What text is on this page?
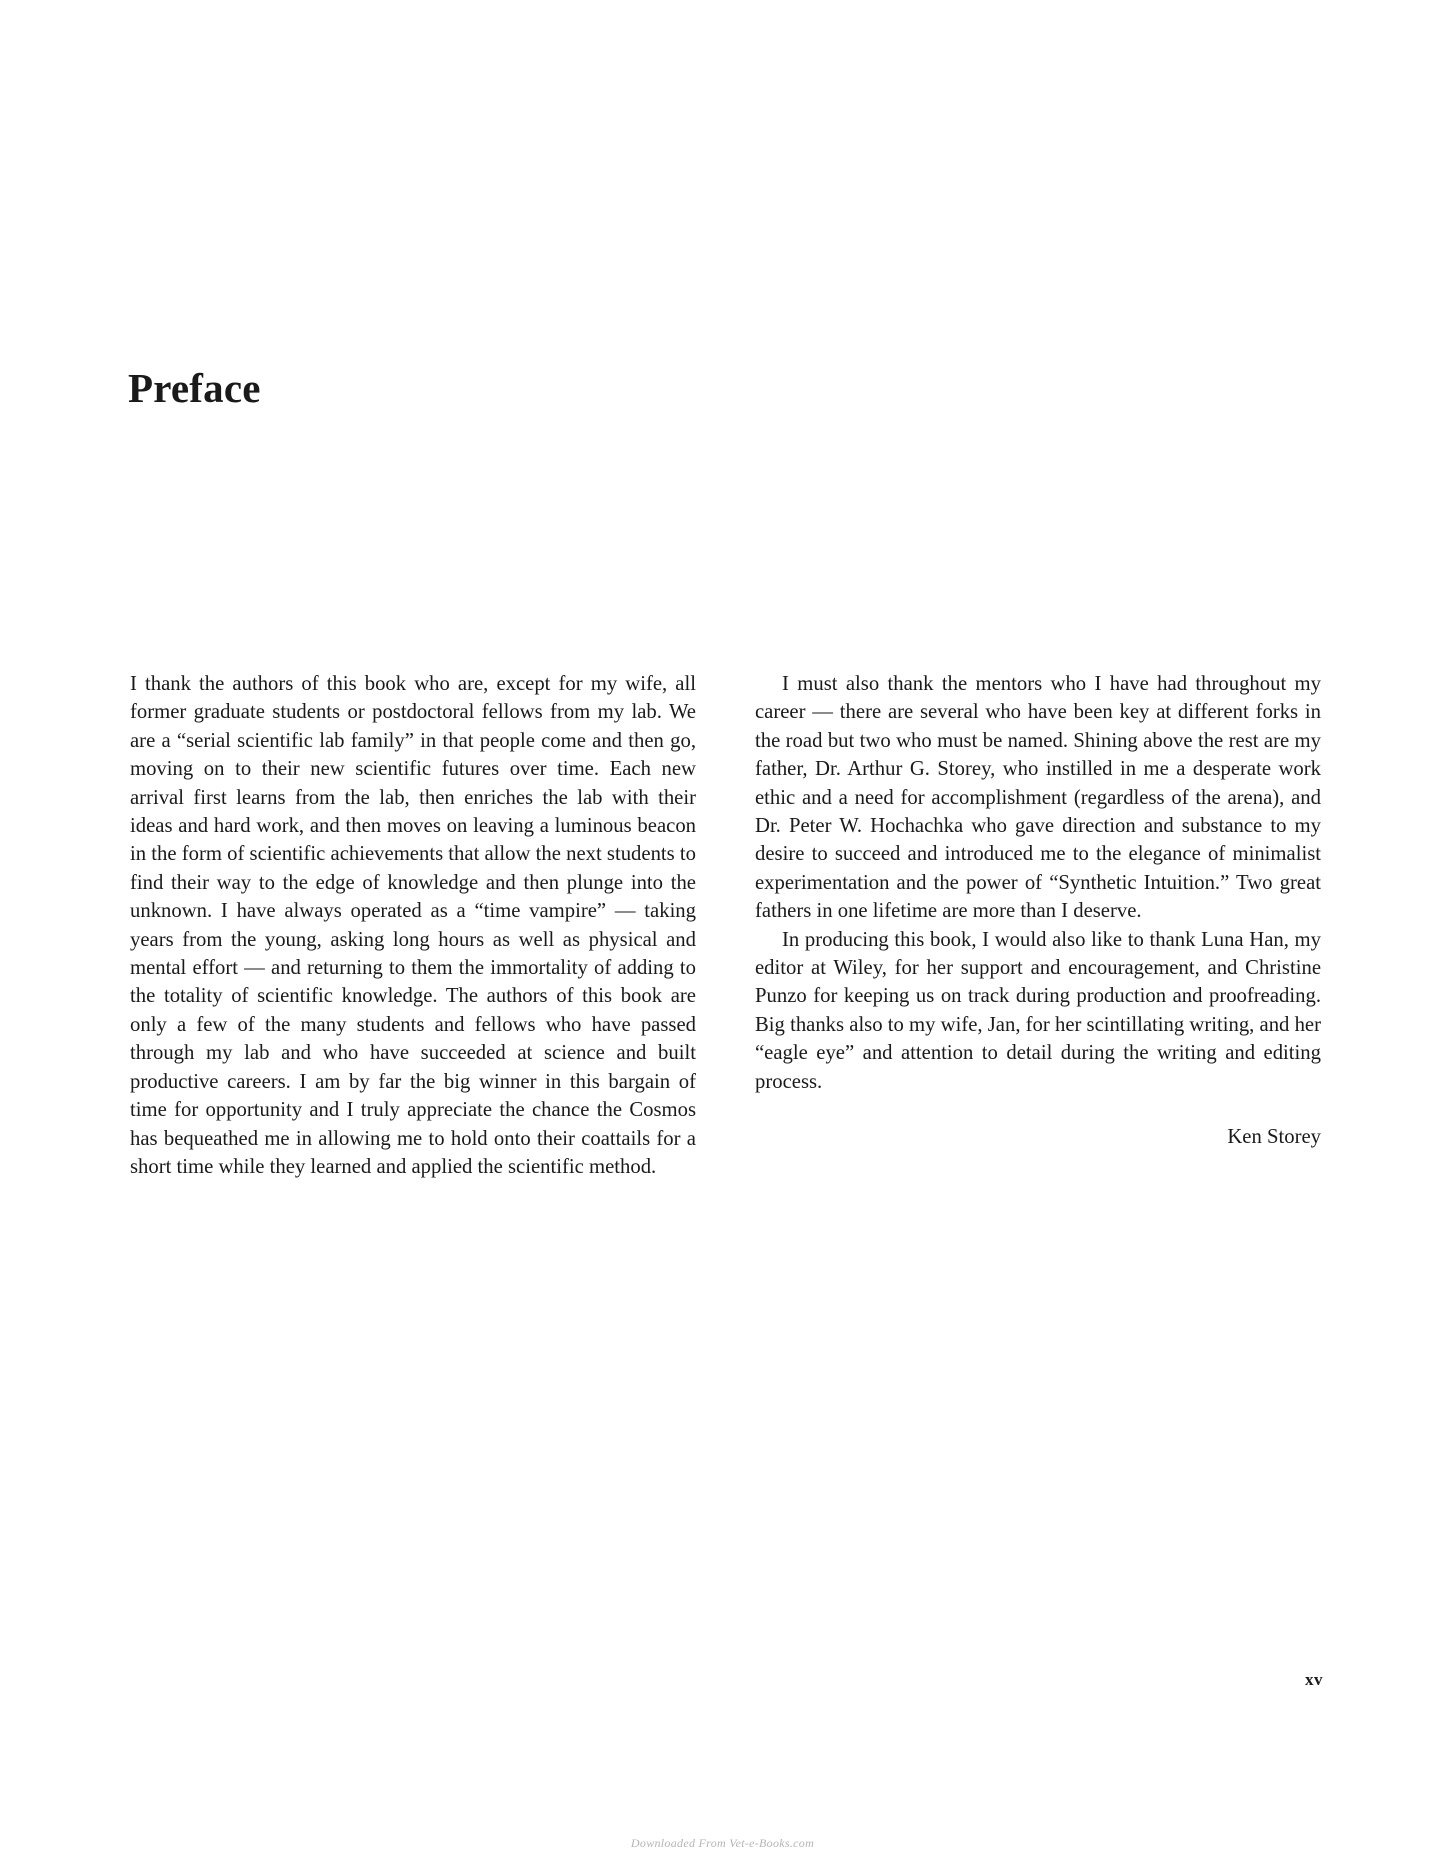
Preface

I thank the authors of this book who are, except for my wife, all former graduate students or postdoctoral fellows from my lab. We are a “serial scientific lab family” in that people come and then go, moving on to their new scientific futures over time. Each new arrival first learns from the lab, then enriches the lab with their ideas and hard work, and then moves on leaving a luminous beacon in the form of scientific achievements that allow the next students to find their way to the edge of knowledge and then plunge into the unknown. I have always operated as a “time vampire” — taking years from the young, asking long hours as well as physical and mental effort — and returning to them the immortality of adding to the totality of scientific knowledge. The authors of this book are only a few of the many students and fellows who have passed through my lab and who have succeeded at science and built productive careers. I am by far the big winner in this bargain of time for opportunity and I truly appreciate the chance the Cosmos has bequeathed me in allowing me to hold onto their coattails for a short time while they learned and applied the scientific method.

I must also thank the mentors who I have had throughout my career — there are several who have been key at different forks in the road but two who must be named. Shining above the rest are my father, Dr. Arthur G. Storey, who instilled in me a desperate work ethic and a need for accomplishment (regardless of the arena), and Dr. Peter W. Hochachka who gave direction and substance to my desire to succeed and introduced me to the elegance of minimalist experimentation and the power of “Synthetic Intuition.” Two great fathers in one lifetime are more than I deserve.

In producing this book, I would also like to thank Luna Han, my editor at Wiley, for her support and encouragement, and Christine Punzo for keeping us on track during production and proofreading. Big thanks also to my wife, Jan, for her scintillating writing, and her “eagle eye” and attention to detail during the writing and editing process.

Ken Storey

xv
Downloaded From Vet-e-Books.com
